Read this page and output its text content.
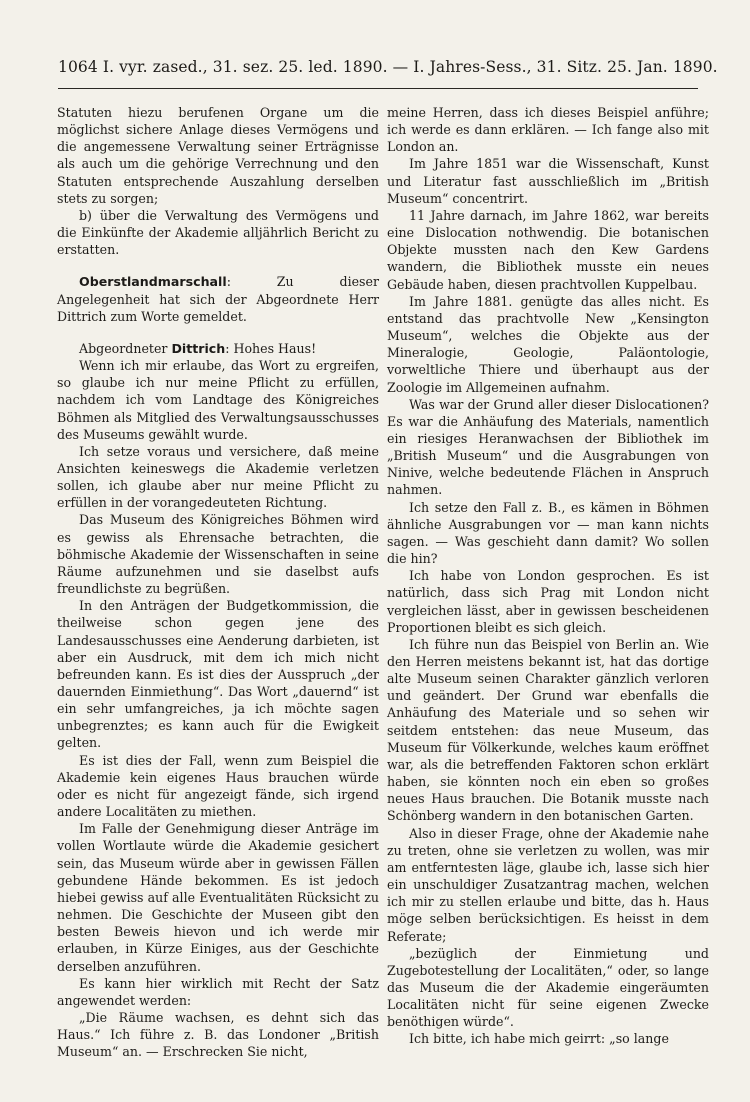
1064 I. vyr. zased., 31. sez. 25. led. 1890. — I. Jahres-Sess., 31. Sitz. 25. Jan. 1890.

Statuten hiezu berufenen Organe um die möglichst sichere Anlage dieses Vermögens und die angemessene Verwaltung seiner Erträgnisse als auch um die gehörige Verrechnung und den Statuten entsprechende Auszahlung derselben stets zu sorgen;

b) über die Verwaltung des Vermögens und die Einkünfte der Akademie alljährlich Bericht zu erstatten.

Oberstlandmarschall: Zu dieser Angelegenheit hat sich der Abgeordnete Herr Dittrich zum Worte gemeldet.

Abgeordneter Dittrich: Hohes Haus!

Wenn ich mir erlaube, das Wort zu ergreifen, so glaube ich nur meine Pflicht zu erfüllen, nachdem ich vom Landtage des Königreiches Böhmen als Mitglied des Verwaltungsausschusses des Museums gewählt wurde.

Ich setze voraus und versichere, daß meine Ansichten keineswegs die Akademie verletzen sollen, ich glaube aber nur meine Pflicht zu erfüllen in der vorangedeuteten Richtung.

Das Museum des Königreiches Böhmen wird es gewiss als Ehrensache betrachten, die böhmische Akademie der Wissenschaften in seine Räume aufzunehmen und sie daselbst aufs freundlichste zu begrüßen.

In den Anträgen der Budgetkommission, die theilweise schon gegen jene des Landesausschusses eine Aenderung darbieten, ist aber ein Ausdruck, mit dem ich mich nicht befreunden kann. Es ist dies der Ausspruch „der dauernden Einmiethung“. Das Wort „dauernd“ ist ein sehr umfangreiches, ja ich möchte sagen unbegrenztes; es kann auch für die Ewigkeit gelten.

Es ist dies der Fall, wenn zum Beispiel die Akademie kein eigenes Haus brauchen würde oder es nicht für angezeigt fände, sich irgend andere Localitäten zu miethen.

Im Falle der Genehmigung dieser Anträge im vollen Wortlaute würde die Akademie gesichert sein, das Museum würde aber in gewissen Fällen gebundene Hände bekommen. Es ist jedoch hiebei gewiss auf alle Eventualitäten Rücksicht zu nehmen. Die Geschichte der Museen gibt den besten Beweis hievon und ich werde mir erlauben, in Kürze Einiges, aus der Geschichte derselben anzuführen.

Es kann hier wirklich mit Recht der Satz angewendet werden:

„Die Räume wachsen, es dehnt sich das Haus.“ Ich führe z. B. das Londoner „British Museum“ an. — Erschrecken Sie nicht,

meine Herren, dass ich dieses Beispiel anführe; ich werde es dann erklären. — Ich fange also mit London an.

Im Jahre 1851 war die Wissenschaft, Kunst und Literatur fast ausschließlich im „British Museum“ concentrirt.

11 Jahre darnach, im Jahre 1862, war bereits eine Dislocation nothwendig. Die botanischen Objekte mussten nach den Kew Gardens wandern, die Bibliothek musste ein neues Gebäude haben, diesen prachtvollen Kuppelbau.

Im Jahre 1881. genügte das alles nicht. Es entstand das prachtvolle New „Kensington Museum“, welches die Objekte aus der Mineralogie, Geologie, Paläontologie, vorweltliche Thiere und überhaupt aus der Zoologie im Allgemeinen aufnahm.

Was war der Grund aller dieser Dislocationen? Es war die Anhäufung des Materials, namentlich ein riesiges Heranwachsen der Bibliothek im „British Museum“ und die Ausgrabungen von Ninive, welche bedeutende Flächen in Anspruch nahmen.

Ich setze den Fall z. B., es kämen in Böhmen ähnliche Ausgrabungen vor — man kann nichts sagen. — Was geschieht dann damit? Wo sollen die hin?

Ich habe von London gesprochen. Es ist natürlich, dass sich Prag mit London nicht vergleichen lässt, aber in gewissen bescheidenen Proportionen bleibt es sich gleich.

Ich führe nun das Beispiel von Berlin an. Wie den Herren meistens bekannt ist, hat das dortige alte Museum seinen Charakter gänzlich verloren und geändert. Der Grund war ebenfalls die Anhäufung des Materiale und so sehen wir seitdem entstehen: das neue Museum, das Museum für Völkerkunde, welches kaum eröffnet war, als die betreffenden Faktoren schon erklärt haben, sie könnten noch ein eben so großes neues Haus brauchen. Die Botanik musste nach Schönberg wandern in den botanischen Garten.

Also in dieser Frage, ohne der Akademie nahe zu treten, ohne sie verletzen zu wollen, was mir am entferntesten läge, glaube ich, lasse sich hier ein unschuldiger Zusatzantrag machen, welchen ich mir zu stellen erlaube und bitte, das h. Haus möge selben berücksichtigen. Es heisst in dem Referate;

„bezüglich der Einmietung und Zugebotestellung der Localitäten,“ oder, so lange das Museum die der Akademie eingeräumten Localitäten nicht für seine eigenen Zwecke benöthigen würde“.

Ich bitte, ich habe mich geirrt: „so lange
